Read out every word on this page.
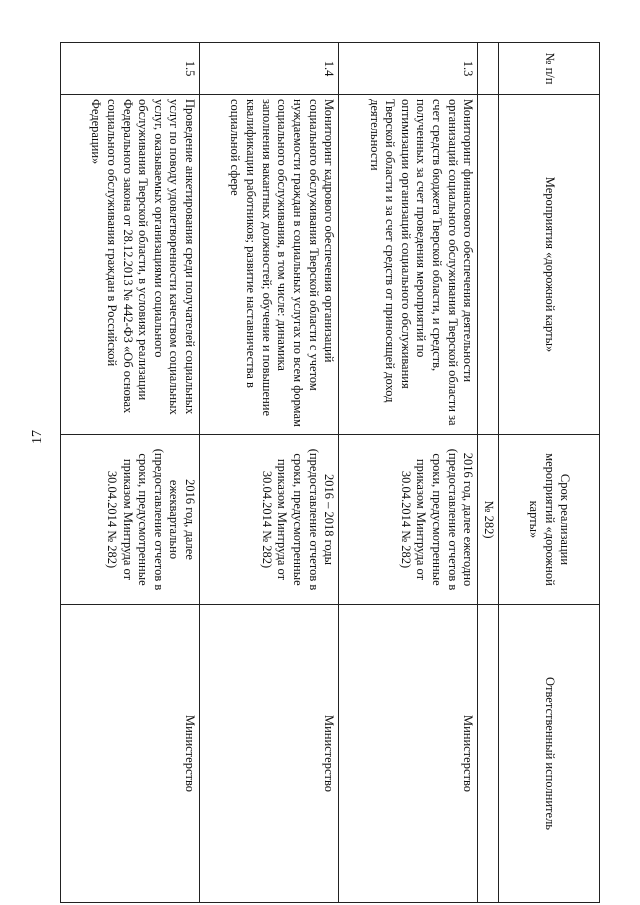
17
№ п/п	Мероприятия «дорожной карты»	Срок реализации мероприятий «дорожной карты»	Ответственный исполнитель
		№ 282)	
1.3	Мониторинг финансового обеспечения деятельности организаций социального обслуживания Тверской области за счет средств бюджета Тверской области, и средств, полученных за счет проведения мероприятий по оптимизации организаций социального обслуживания Тверской области и за счет средств от приносящей доход деятельности	2016 год, далее ежегодно (предоставление отчетов в сроки, предусмотренные приказом Минтруда от 30.04.2014 № 282)	Министерство
1.4	Мониторинг кадрового обеспечения организаций социального обслуживания Тверской области с учетом нуждаемости граждан в социальных услугах по всем формам социального обслуживания, в том числе: динамика заполнения вакантных должностей; обучение и повышение квалификации работников; развитие наставничества в социальной сфере	2016 – 2018 годы (предоставление отчетов в сроки, предусмотренные приказом Минтруда от 30.04.2014 № 282)	Министерство
1.5	Проведение анкетирования среди получателей социальных услуг по поводу удовлетворенности качеством социальных услуг, оказываемых организациями социального обслуживания Тверской области, в условиях реализации Федерального закона от 28.12.2013 № 442-ФЗ «Об основах социального обслуживания граждан в Российской Федерации»	2016 год, далее ежеквартально (предоставление отчетов в сроки, предусмотренные приказом Минтруда от 30.04.2014 № 282)	Министерство
